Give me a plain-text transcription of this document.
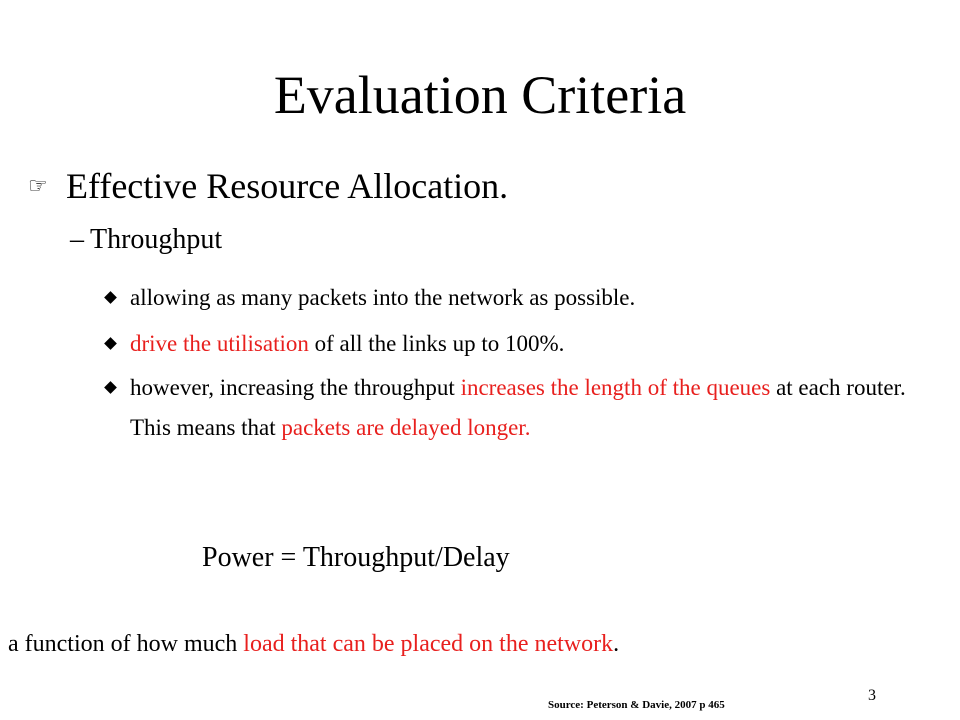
Evaluation Criteria
☞ Effective Resource Allocation.
– Throughput
allowing as many packets into the network as possible.
drive the utilisation of all the links up to 100%.
however, increasing the throughput increases the length of the queues at each router. This means that packets are delayed longer.
Power = Throughput/Delay
a function of how much load that can be placed on the network.
3
Source: Peterson & Davie, 2007 p 465
